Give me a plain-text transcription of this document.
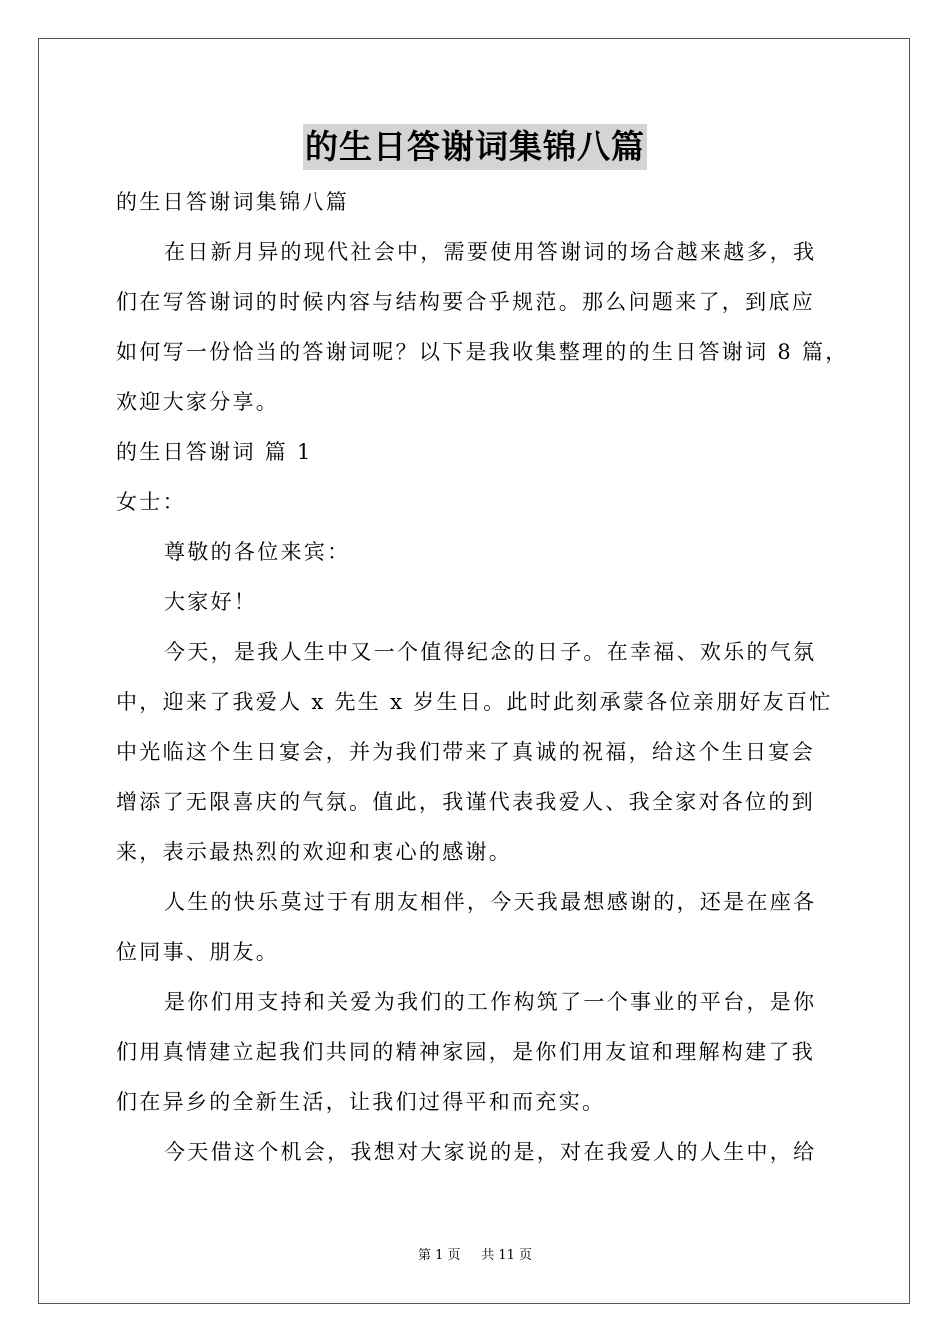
的生日答谢词集锦八篇
的生日答谢词集锦八篇
在日新月异的现代社会中，需要使用答谢词的场合越来越多，我
们在写答谢词的时候内容与结构要合乎规范。那么问题来了，到底应
如何写一份恰当的答谢词呢？以下是我收集整理的的生日答谢词 8 篇，
欢迎大家分享。
的生日答谢词 篇 1
女士：
尊敬的各位来宾：
大家好！
今天，是我人生中又一个值得纪念的日子。在幸福、欢乐的气氛
中，迎来了我爱人 x 先生 x 岁生日。此时此刻承蒙各位亲朋好友百忙
中光临这个生日宴会，并为我们带来了真诚的祝福，给这个生日宴会
增添了无限喜庆的气氛。值此，我谨代表我爱人、我全家对各位的到
来，表示最热烈的欢迎和衷心的感谢。
人生的快乐莫过于有朋友相伴，今天我最想感谢的，还是在座各
位同事、朋友。
是你们用支持和关爱为我们的工作构筑了一个事业的平台，是你
们用真情建立起我们共同的精神家园，是你们用友谊和理解构建了我
们在异乡的全新生活，让我们过得平和而充实。
今天借这个机会，我想对大家说的是，对在我爱人的人生中，给
第 1 页 共 11 页
